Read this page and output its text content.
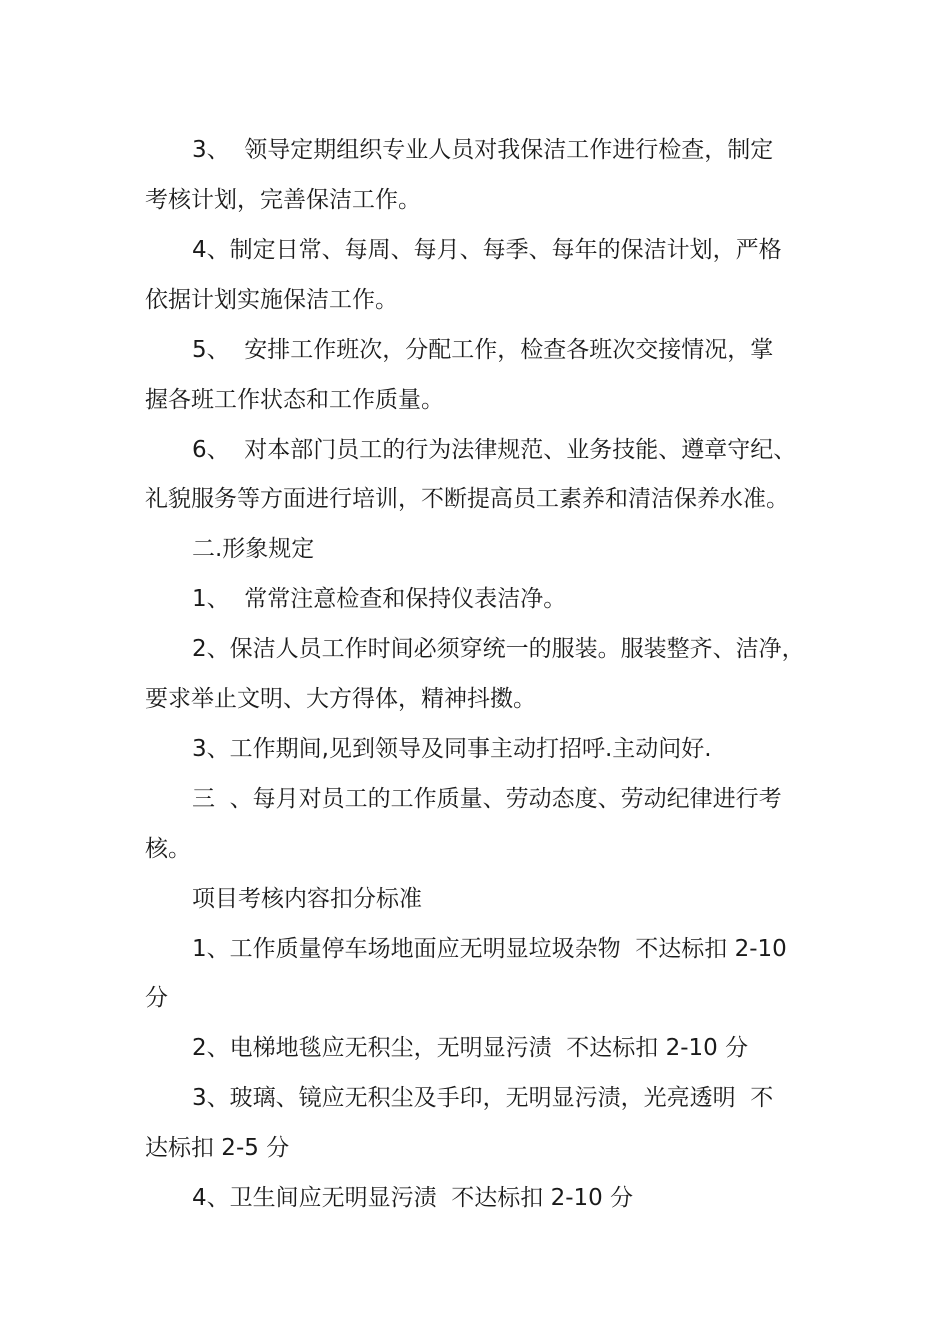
3、  领导定期组织专业人员对我保洁工作进行检查，制定
考核计划，完善保洁工作。
4、制定日常、每周、每月、每季、每年的保洁计划，严格
依据计划实施保洁工作。
5、  安排工作班次，分配工作，检查各班次交接情况，掌
握各班工作状态和工作质量。
6、  对本部门员工的行为法律规范、业务技能、遵章守纪、
礼貌服务等方面进行培训，不断提高员工素养和清洁保养水准。
二.形象规定
1、  常常注意检查和保持仪表洁净。
2、保洁人员工作时间必须穿统一的服装。服装整齐、洁净，
要求举止文明、大方得体，精神抖擞。
3、工作期间,见到领导及同事主动打招呼.主动问好.
三  、每月对员工的工作质量、劳动态度、劳动纪律进行考
核。
项目考核内容扣分标准
1、工作质量停车场地面应无明显垃圾杂物  不达标扣 2-10
分
2、电梯地毯应无积尘，无明显污渍  不达标扣 2-10 分
3、玻璃、镜应无积尘及手印，无明显污渍，光亮透明  不
达标扣 2-5 分
4、卫生间应无明显污渍  不达标扣 2-10 分
